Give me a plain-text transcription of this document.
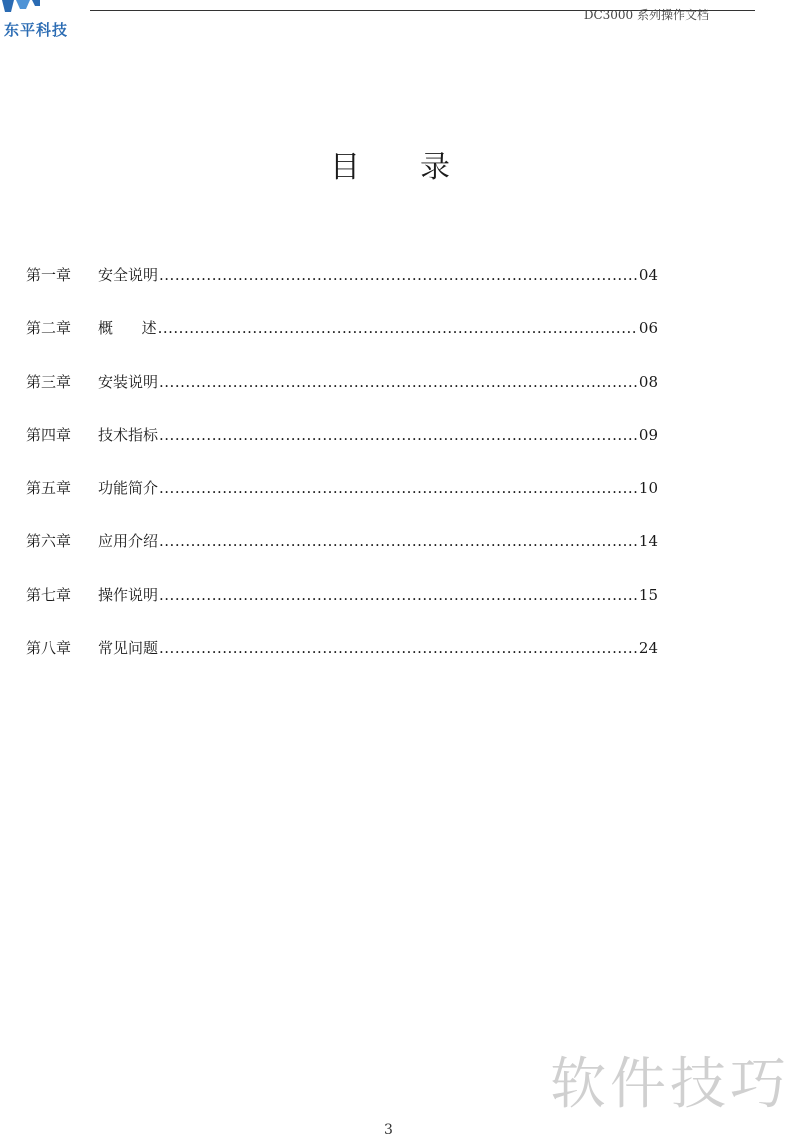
东平科技
DC3000 系列操作文档
目录
第一章	安全说明 .....	04
第二章	概      述 .....	06
第三章	安装说明 .....	08
第四章	技术指标 .....	09
第五章	功能简介 .....	10
第六章	应用介绍 .....	14
第七章	操作说明 .....	15
第八章	常见问题 .....	24
软件技巧
3
